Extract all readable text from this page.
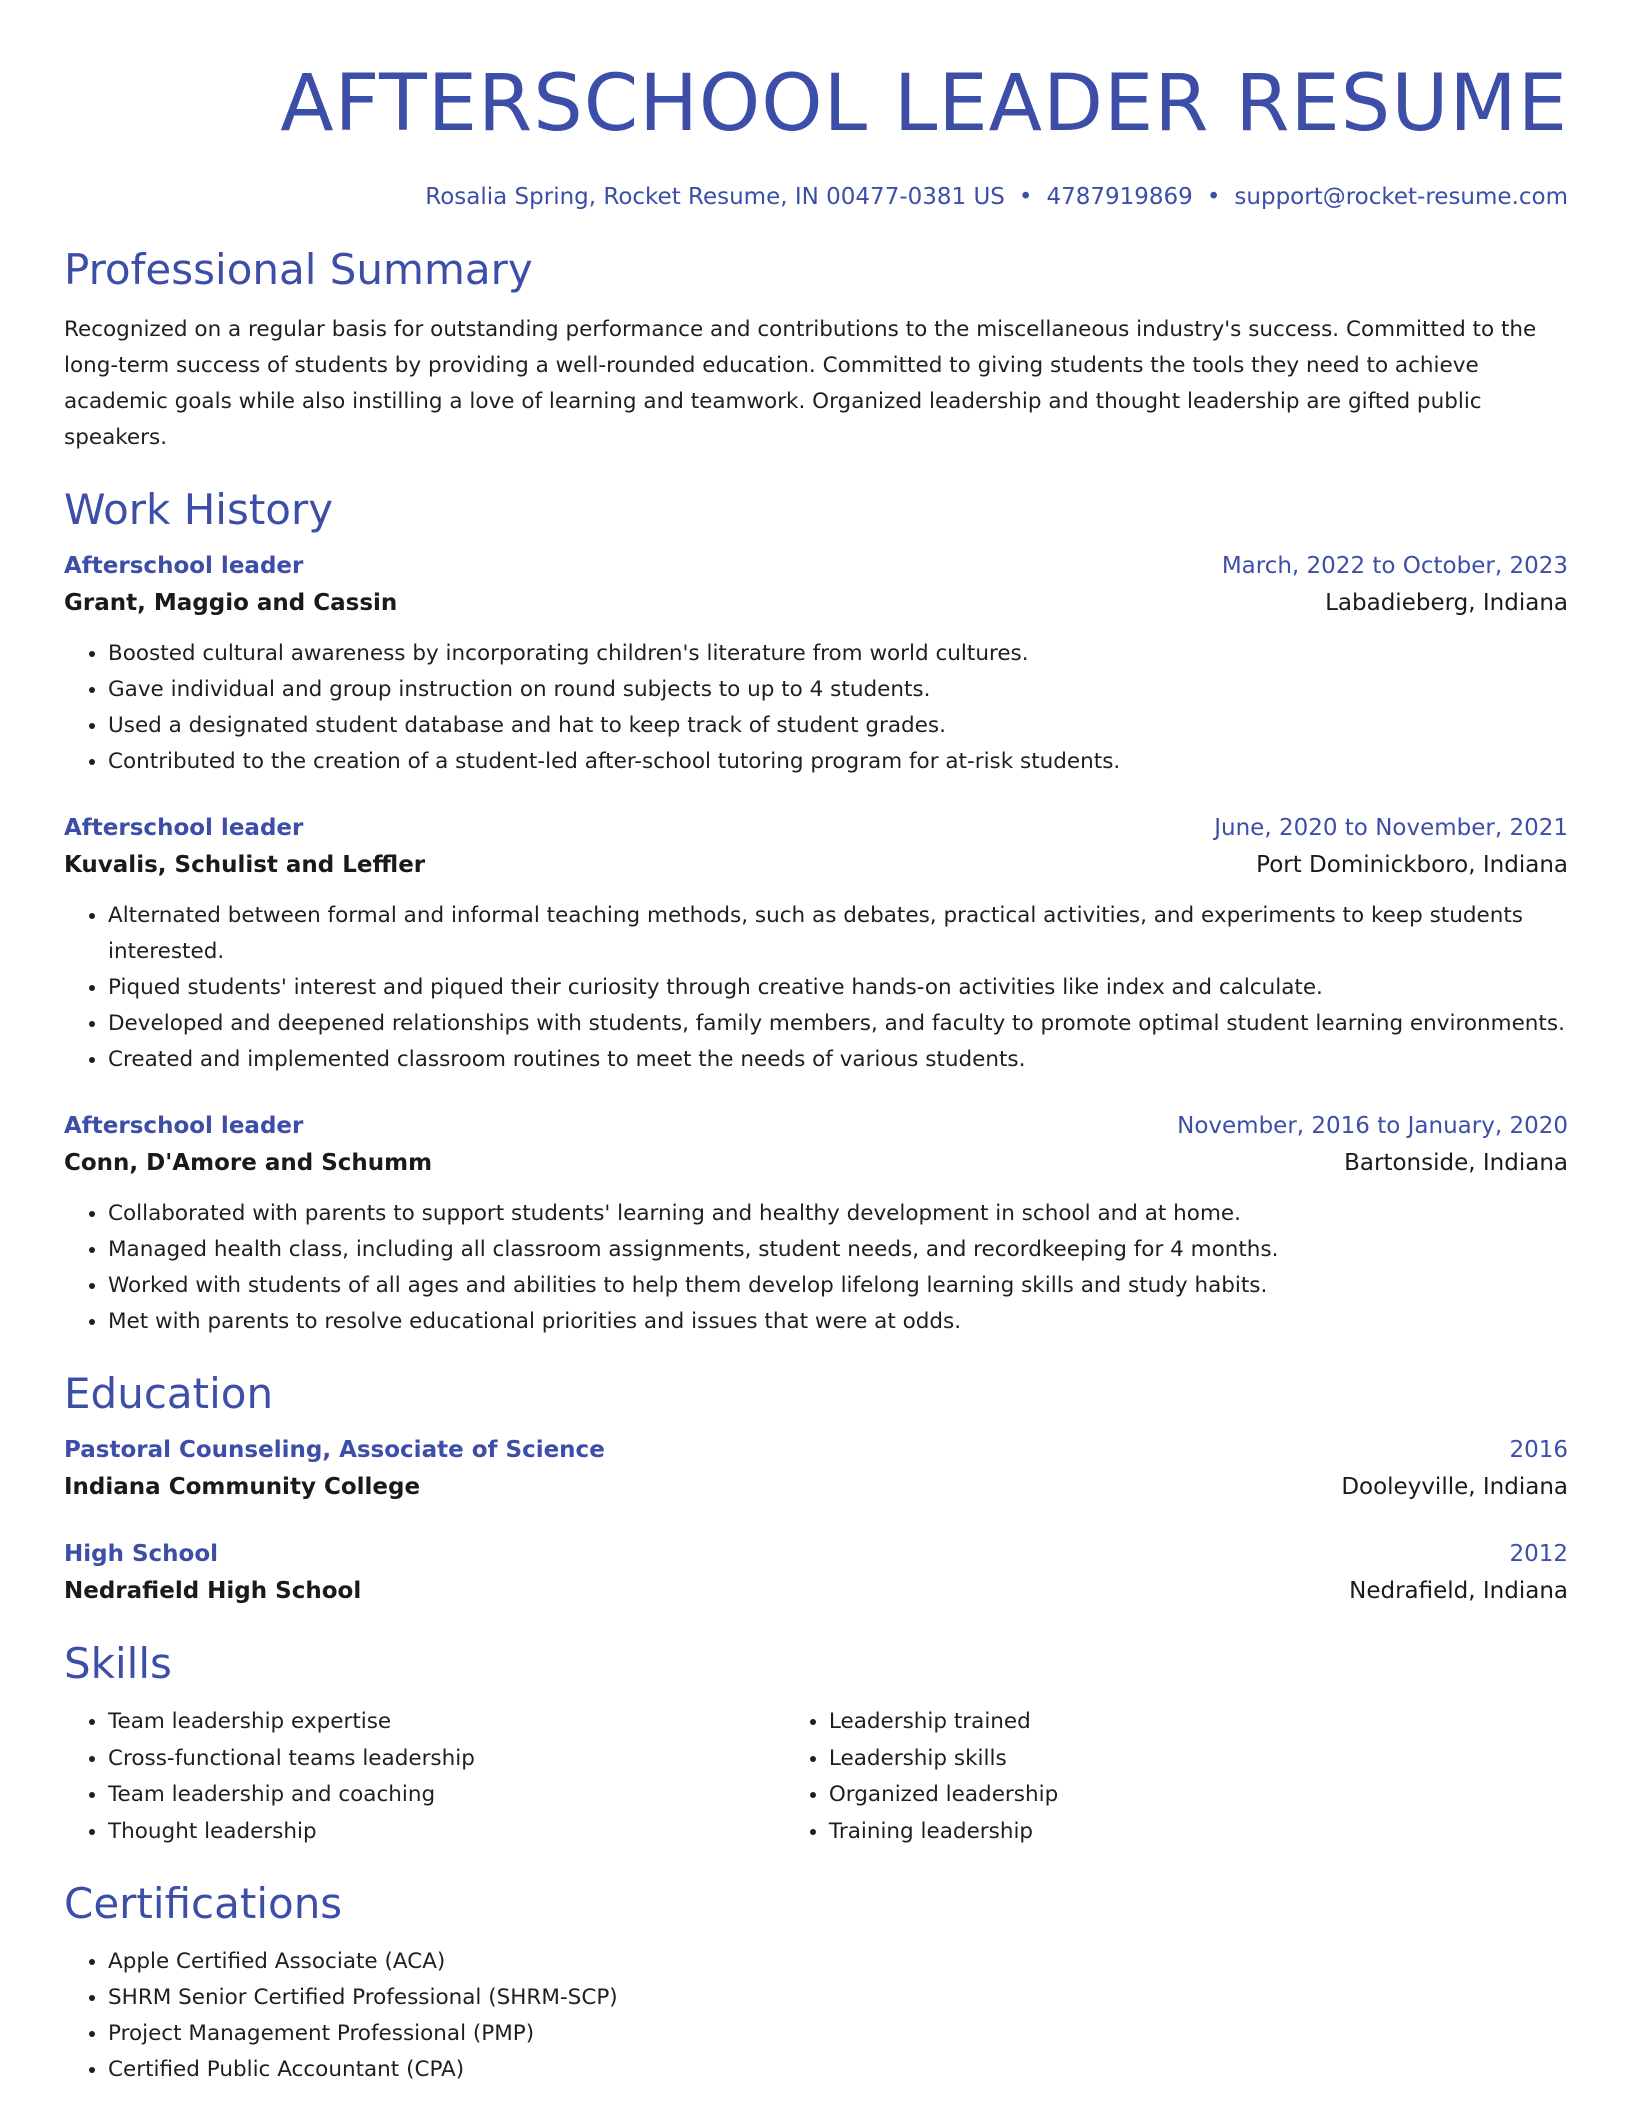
AFTERSCHOOL LEADER RESUME
Rosalia Spring, Rocket Resume, IN 00477-0381 US • 4787919869 • support@rocket-resume.com
Professional Summary
Recognized on a regular basis for outstanding performance and contributions to the miscellaneous industry's success. Committed to the long-term success of students by providing a well-rounded education. Committed to giving students the tools they need to achieve academic goals while also instilling a love of learning and teamwork. Organized leadership and thought leadership are gifted public speakers.
Work History
Afterschool leader	March, 2022 to October, 2023
Grant, Maggio and Cassin	Labadieberg, Indiana
• Boosted cultural awareness by incorporating children's literature from world cultures.
• Gave individual and group instruction on round subjects to up to 4 students.
• Used a designated student database and hat to keep track of student grades.
• Contributed to the creation of a student-led after-school tutoring program for at-risk students.
Afterschool leader	June, 2020 to November, 2021
Kuvalis, Schulist and Leffler	Port Dominickboro, Indiana
• Alternated between formal and informal teaching methods, such as debates, practical activities, and experiments to keep students interested.
• Piqued students' interest and piqued their curiosity through creative hands-on activities like index and calculate.
• Developed and deepened relationships with students, family members, and faculty to promote optimal student learning environments.
• Created and implemented classroom routines to meet the needs of various students.
Afterschool leader	November, 2016 to January, 2020
Conn, D'Amore and Schumm	Bartonside, Indiana
• Collaborated with parents to support students' learning and healthy development in school and at home.
• Managed health class, including all classroom assignments, student needs, and recordkeeping for 4 months.
• Worked with students of all ages and abilities to help them develop lifelong learning skills and study habits.
• Met with parents to resolve educational priorities and issues that were at odds.
Education
Pastoral Counseling, Associate of Science	2016
Indiana Community College	Dooleyville, Indiana
High School	2012
Nedrafield High School	Nedrafield, Indiana
Skills
• Team leadership expertise
• Cross-functional teams leadership
• Team leadership and coaching
• Thought leadership
• Leadership trained
• Leadership skills
• Organized leadership
• Training leadership
Certifications
• Apple Certified Associate (ACA)
• SHRM Senior Certified Professional (SHRM-SCP)
• Project Management Professional (PMP)
• Certified Public Accountant (CPA)
